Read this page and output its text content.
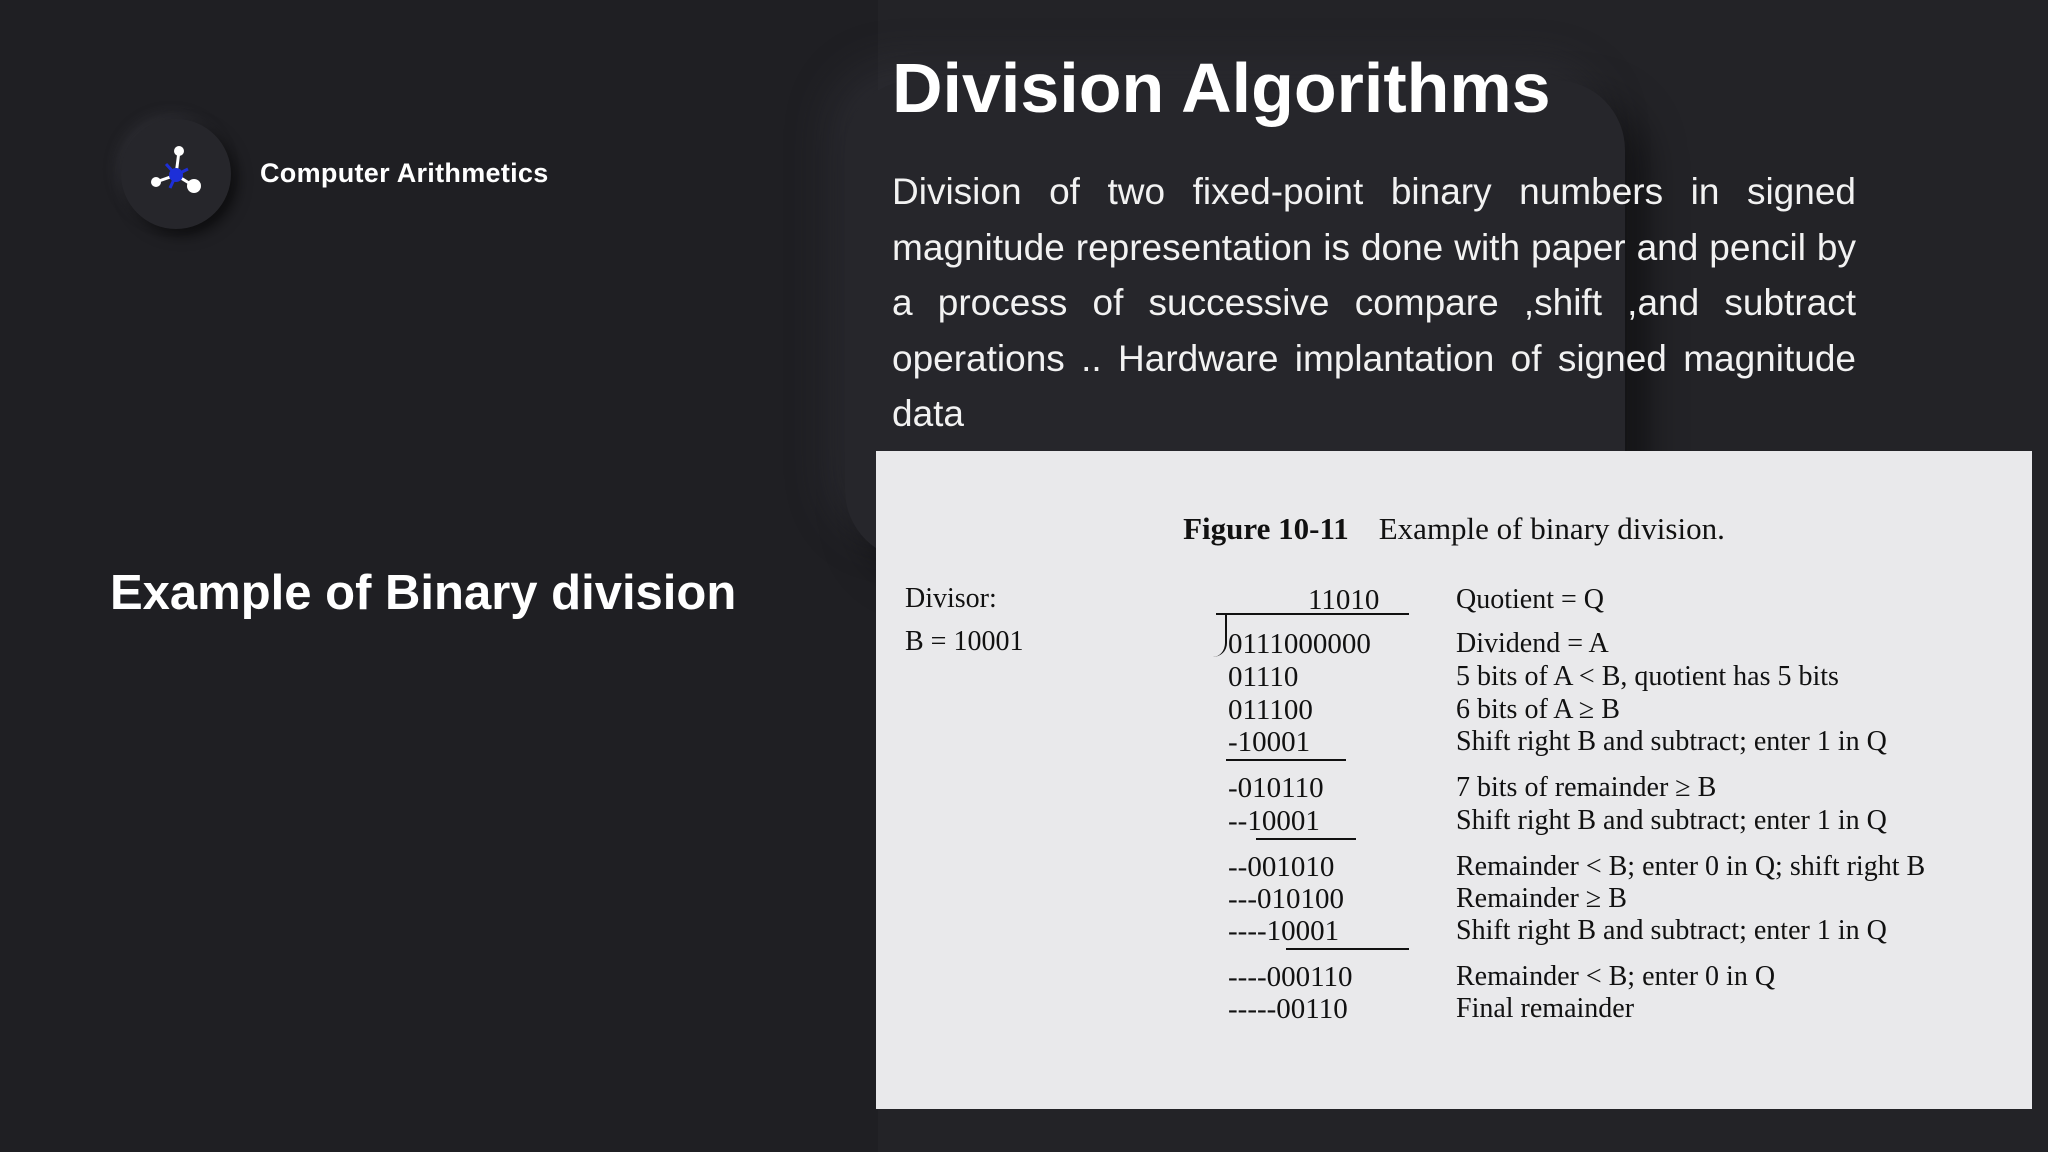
Computer Arithmetics
Example of Binary division
Division Algorithms
Division of two fixed-point binary numbers in signed magnitude representation is done with paper and pencil by a process of successive compare ,shift ,and subtract operations .. Hardware implantation of signed magnitude data
Figure 10-11 Example of binary division.
Divisor:
B = 10001
11010
0111000000
01110
011100
-10001
-010110
--10001
--001010
---010100
----10001
----000110
-----00110
Quotient = Q
Dividend = A
5 bits of A < B, quotient has 5 bits
6 bits of A ≥ B
Shift right B and subtract; enter 1 in Q
7 bits of remainder ≥ B
Shift right B and subtract; enter 1 in Q
Remainder < B; enter 0 in Q; shift right B
Remainder ≥ B
Shift right B and subtract; enter 1 in Q
Remainder < B; enter 0 in Q
Final remainder
